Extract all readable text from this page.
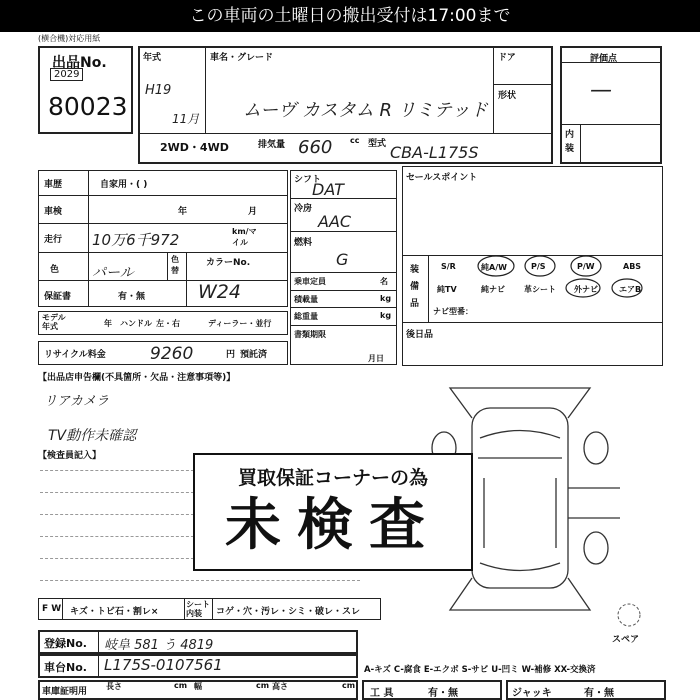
この車両の土曜日の搬出受付は17:00まで
(横合機)対応用紙
出品No.
2029
80023
年式
H19
11月
車名・グレード
ムーヴ カスタム R リミテッド
ドア
形状
2WD・4WD	排気量 660 cc 型式 CBA-L175S
評価点
—
内装
車歴	自家用・( )
車検	年	月
走行 10万6千972	km/マイル
色 パール
色替
カラーNo.
W24
保証書	有・無
モデル年式	年 ハンドル 左・右	ディーラー・並行
リサイクル料金	9260	円 預託済
シフト
DAT
冷房
AAC
燃料
G
乗車定員	名
積載量	kg
総重量	kg
書類期限
月日
セールスポイント
装備品
S/R	純A/W	P/S	P/W	ABS
純TV	純ナビ 革シート 外ナビ	エアB
ナビ型番：
後日品
【出品店申告欄(不具箇所・欠品・注意事項等)】
リアカメラ
TV動作未確認
【検査員記入】
買取保証コーナーの為
未検査
スペア
F W キズ・トビ石・割レ×
シート内装	コゲ・穴・汚レ・シミ・破レ・スレ
登録No. 岐阜 581 う 4819
車台No. L175S-0107561	A-キズ C-腐食 E-エクボ S-サビ U-凹ミ W-補修 XX-交換済
車庫証明用
長さ	cm 幅	cm 高さ	cm
工 具	有・無	ジャッキ	有・無
